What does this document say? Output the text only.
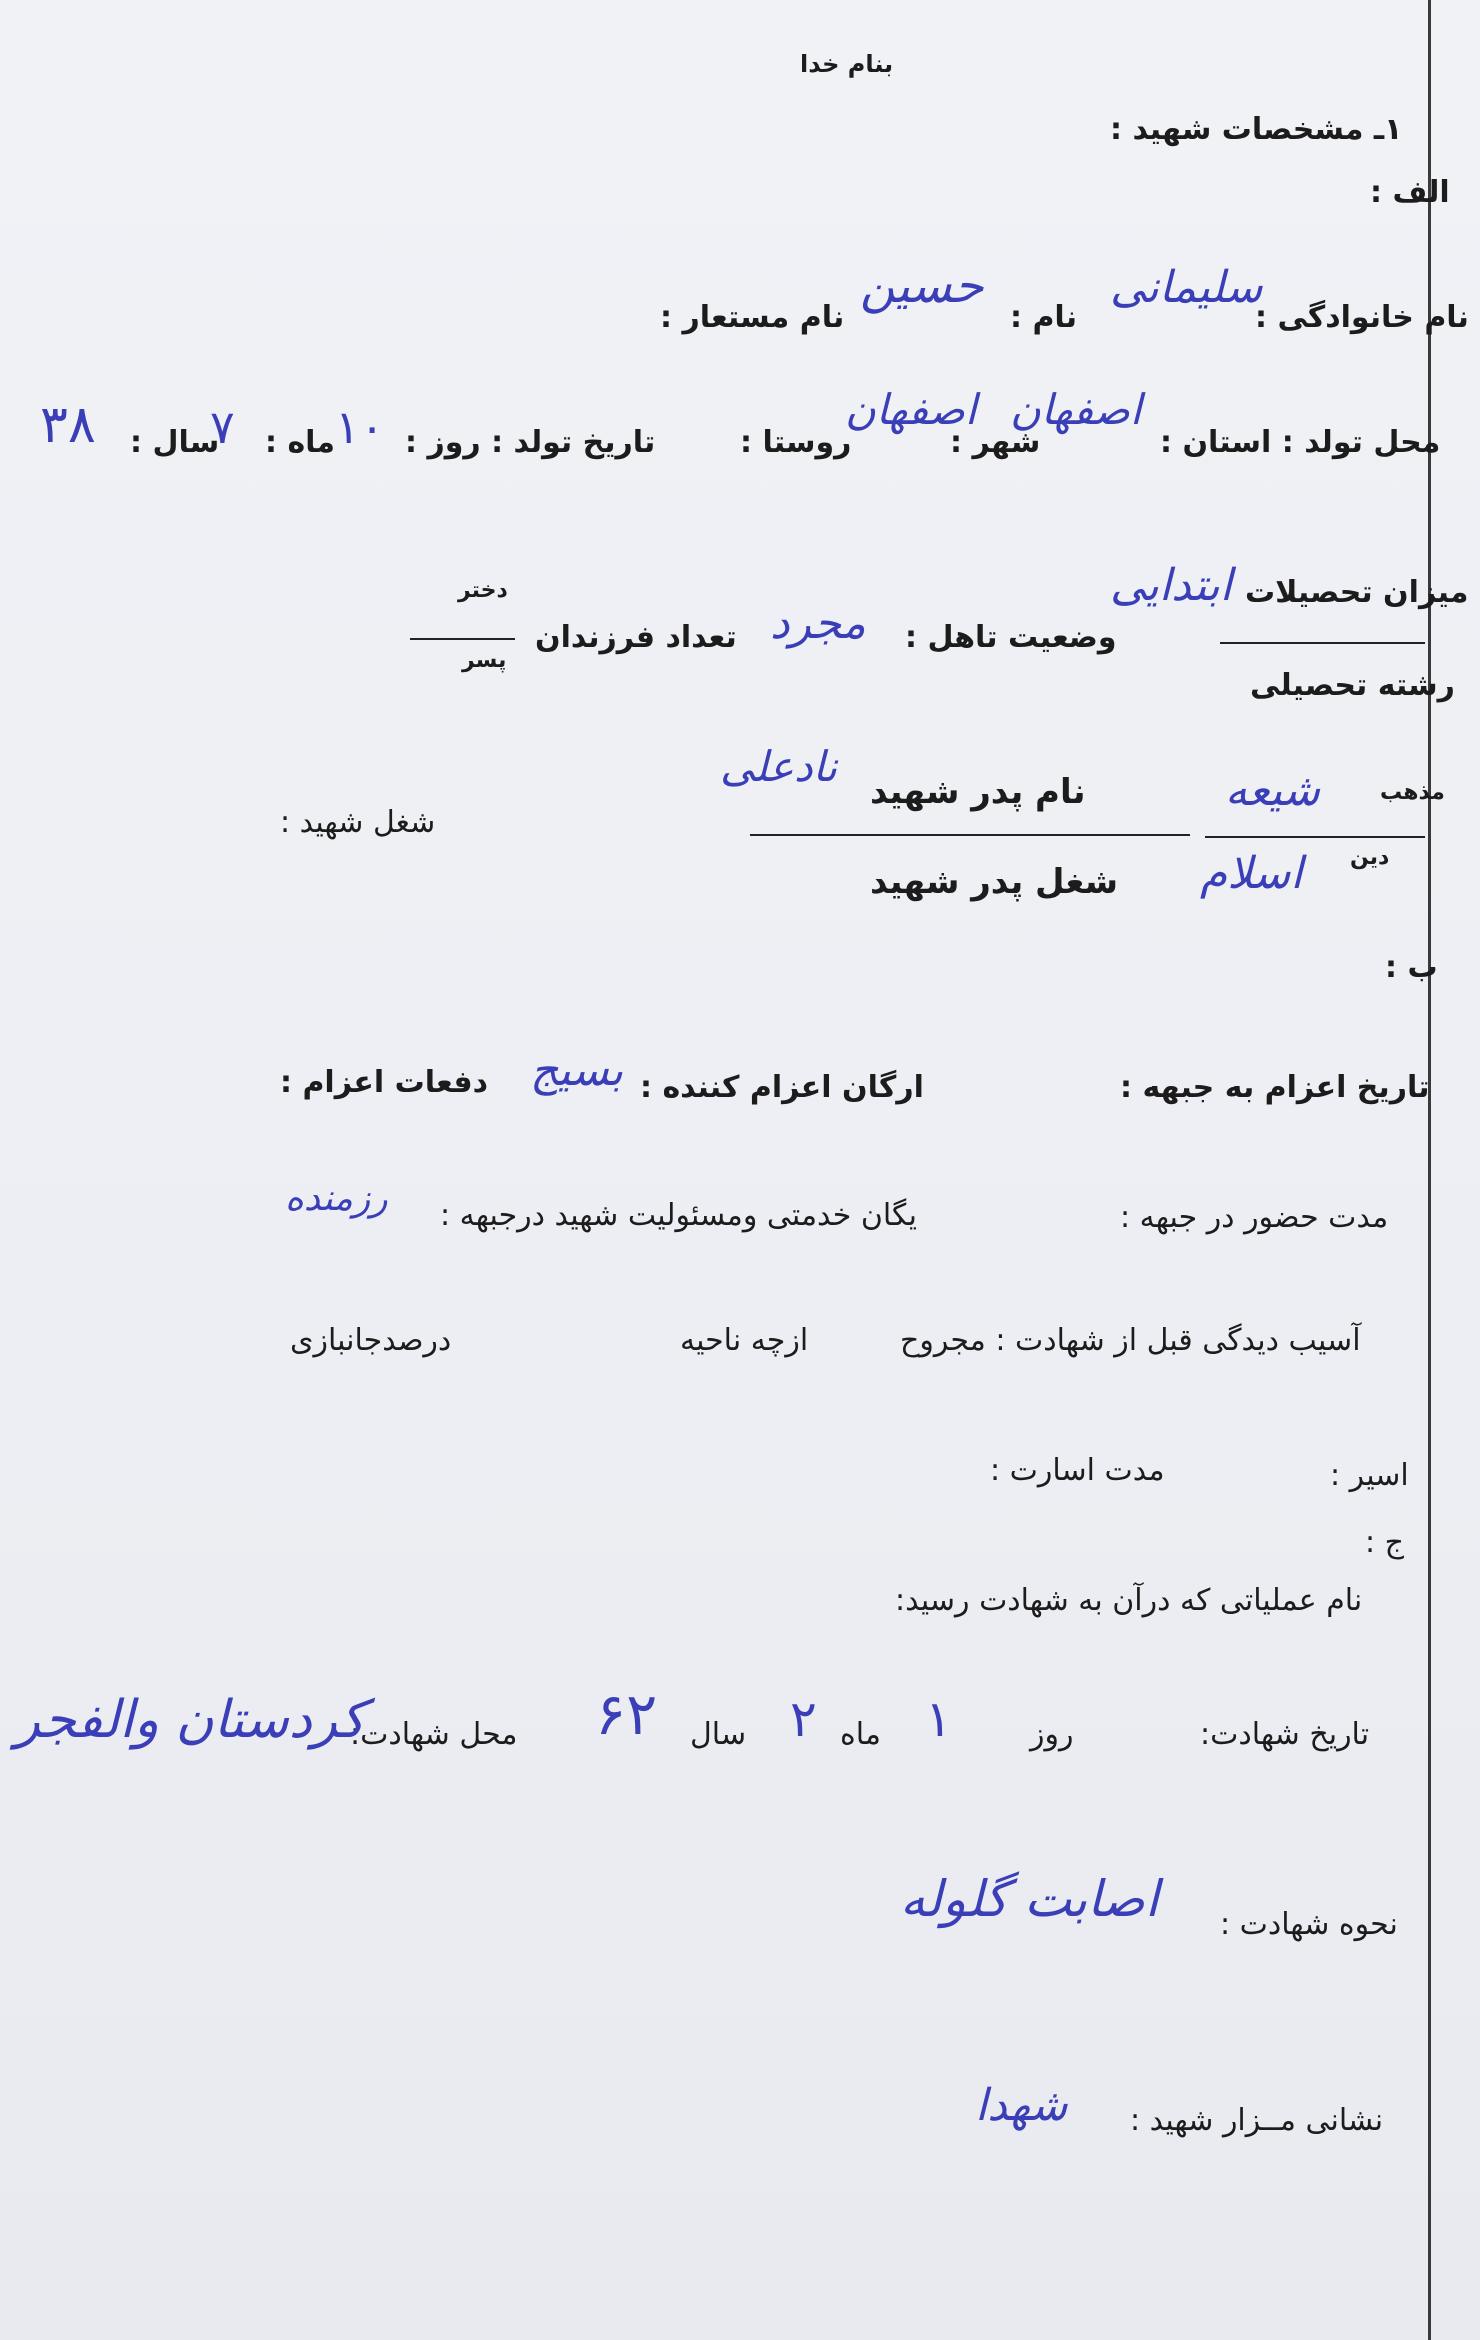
بنام خدا
۱ـ مشخصات شهید :
الف :
نام خانوادگی :
سلیمانی
نام :
حسین
نام مستعار :
محل تولد : استان :
اصفهان
شهر :
اصفهان
روستا :
تاریخ تولد : روز :
۱۰
ماه :
۷
سال :
۳۸
میزان تحصیلات
ابتدایی
رشته تحصیلی
وضعیت تاهل :
مجرد
تعداد فرزندان
دختر
پسر
مذهب
شیعه
دین
اسلام
نام پدر شهید
نادعلی
شغل پدر شهید
شغل شهید :
ب :
تاریخ اعزام به جبهه :
ارگان اعزام کننده :
بسیج
دفعات اعزام :
مدت حضور در جبهه :
یگان خدمتی ومسئولیت شهید درجبهه :
رزمنده
آسیب دیدگی قبل از شهادت : مجروح
ازچه ناحیه
درصدجانبازی
اسیر :
مدت اسارت :
ج :
نام عملیاتی که درآن به شهادت رسید:
تاریخ شهادت:
روز
۱
ماه
۲
سال
۶۲
محل شهادت:
کردستان والفجر
نحوه شهادت :
اصابت گلوله
نشانی مــزار شهید :
شهدا
